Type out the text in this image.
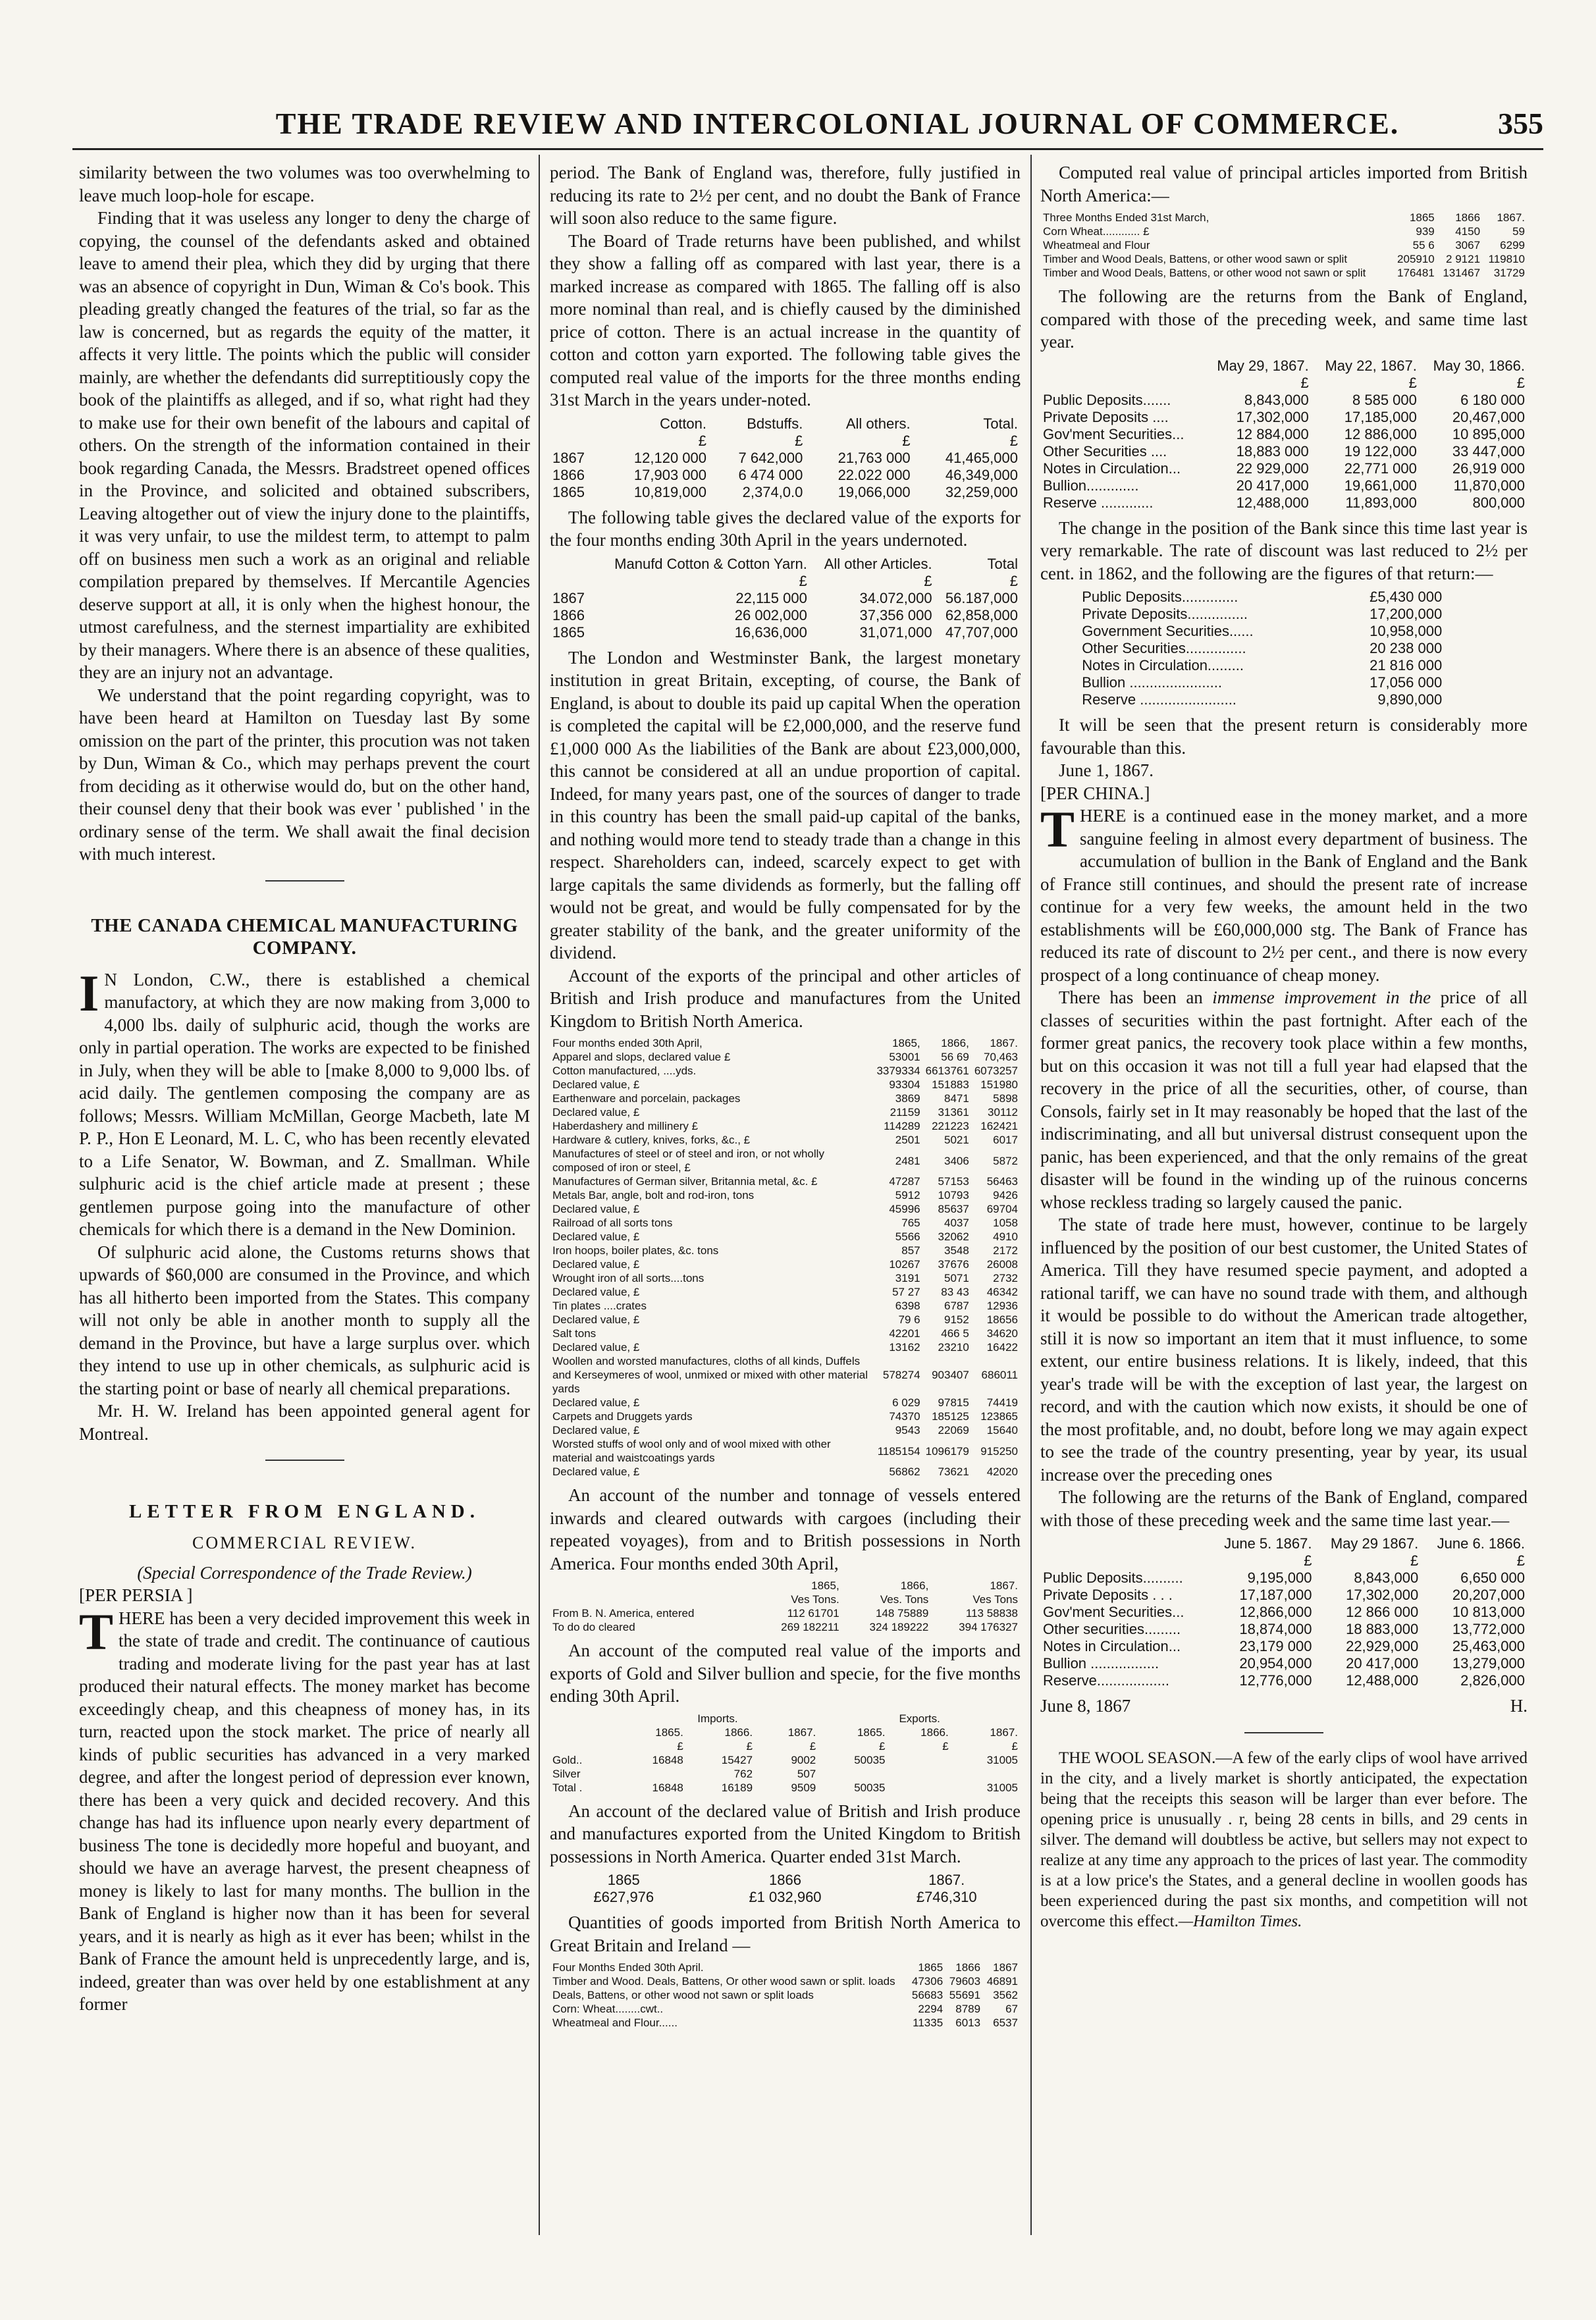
THE TRADE REVIEW AND INTERCOLONIAL JOURNAL OF COMMERCE.	355

similarity between the two volumes was too overwhelming to leave much loop-hole for escape.

Finding that it was useless any longer to deny the charge of copying, the counsel of the defendants asked and obtained leave to amend their plea, which they did by urging that there was an absence of copyright in Dun, Wiman & Co's book. This pleading greatly changed the features of the trial, so far as the law is concerned, but as regards the equity of the matter, it affects it very little. The points which the public will consider mainly, are whether the defendants did surreptitiously copy the book of the plaintiffs as alleged, and if so, what right had they to make use for their own benefit of the labours and capital of others. On the strength of the information contained in their book regarding Canada, the Messrs. Bradstreet opened offices in the Province, and solicited and obtained subscribers, Leaving altogether out of view the injury done to the plaintiffs, it was very unfair, to use the mildest term, to attempt to palm off on business men such a work as an original and reliable compilation prepared by themselves. If Mercantile Agencies deserve support at all, it is only when the highest honour, the utmost carefulness, and the sternest impartiality are exhibited by their managers. Where there is an absence of these qualities, they are an injury not an advantage.

We understand that the point regarding copyright, was to have been heard at Hamilton on Tuesday last By some omission on the part of the printer, this procution was not taken by Dun, Wiman & Co., which may perhaps prevent the court from deciding as it otherwise would do, but on the other hand, their counsel deny that their book was ever ' published ' in the ordinary sense of the term. We shall await the final decision with much interest.

THE CANADA CHEMICAL MANUFACTURING COMPANY.

I N London, C.W., there is established a chemical manufactory, at which they are now making from 3,000 to 4,000 lbs. daily of sulphuric acid, though the works are only in partial operation. The works are expected to be finished in July, when they will be able to [make 8,000 to 9,000 lbs. of acid daily. The gentlemen composing the company are as follows; Messrs. William McMillan, George Macbeth, late M P. P., Hon E Leonard, M. L. C, who has been recently elevated to a Life Senator, W. Bowman, and Z. Smallman. While sulphuric acid is the chief article made at present ; these gentlemen purpose going into the manufacture of other chemicals for which there is a demand in the New Dominion.

Of sulphuric acid alone, the Customs returns shows that upwards of $60,000 are consumed in the Province, and which has all hitherto been imported from the States. This company will not only be able in another month to supply all the demand in the Province, but have a large surplus over. which they intend to use up in other chemicals, as sulphuric acid is the starting point or base of nearly all chemical preparations.

Mr. H. W. Ireland has been appointed general agent for Montreal.

LETTER FROM ENGLAND.
COMMERCIAL REVIEW.

(Special Correspondence of the Trade Review.)

[PER PERSIA ]

THERE has been a very decided improvement this week in the state of trade and credit. The continuance of cautious trading and moderate living for the past year has at last produced their natural effects. The money market has become exceedingly cheap, and this cheapness of money has, in its turn, reacted upon the stock market. The price of nearly all kinds of public securities has advanced in a very marked degree, and after the longest period of depression ever known, there has been a very quick and decided recovery. And this change has had its influence upon nearly every department of business The tone is decidedly more hopeful and buoyant, and should we have an average harvest, the present cheapness of money is likely to last for many months. The bullion in the Bank of England is higher now than it has been for several years, and it is nearly as high as it ever has been; whilst in the Bank of France the amount held is unprecedently large, and is, indeed, greater than was over held by one establishment at any former

period. The Bank of England was, therefore, fully justified in reducing its rate to 2½ per cent, and no doubt the Bank of France will soon also reduce to the same figure.

The Board of Trade returns have been published, and whilst they show a falling off as compared with last year, there is a marked increase as compared with 1865. The falling off is also more nominal than real, and is chiefly caused by the diminished price of cotton. There is an actual increase in the quantity of cotton and cotton yarn exported. The following table gives the computed real value of the imports for the three months ending 31st March in the years under-noted.

	Cotton.	Bdstuffs.	All others.	Total.
	£	£	£	£
1867	12,120 000	7 642,000	21,763 000	41,465,000
1866	17,903 000	6 474 000	22.022 000	46,349,000
1865	10,819,000	2,374,0.0	19,066,000	32,259,000

The following table gives the declared value of the exports for the four months ending 30th April in the years undernoted.

	Manufd Cotton & Cotton Yarn.	All other Articles.	Total
	£	£	£
1867	22,115 000	34.072,000	56.187,000
1866	26 002,000	37,356 000	62,858,000
1865	16,636,000	31,071,000	47,707,000

The London and Westminster Bank, the largest monetary institution in great Britain, excepting, of course, the Bank of England, is about to double its paid up capital When the operation is completed the capital will be £2,000,000, and the reserve fund £1,000 000 As the liabilities of the Bank are about £23,000,000, this cannot be considered at all an undue proportion of capital. Indeed, for many years past, one of the sources of danger to trade in this country has been the small paid-up capital of the banks, and nothing would more tend to steady trade than a change in this respect. Shareholders can, indeed, scarcely expect to get with large capitals the same dividends as formerly, but the falling off would not be great, and would be fully compensated for by the greater stability of the bank, and the greater uniformity of the dividend.

Account of the exports of the principal and other articles of British and Irish produce and manufactures from the United Kingdom to British North America.

Four months ended 30th April,	1865,	1866,	1867.
Apparel and slops, declared value £	53001	56 69	70,463
Cotton manufactured, ....yds.	3379334	6613761	6073257
Declared value, £	93304	151883	151980
Earthenware and porcelain, packages	3869	8471	5898
Declared value, £	21159	31361	30112
Haberdashery and millinery £	114289	221223	162421
Hardware & cutlery, knives, forks, &c., £	2501	5021	6017
Manufactures of steel or of steel and iron, or not wholly composed of iron or steel, £	2481	3406	5872
Manufactures of German silver, Britannia metal, &c. £	47287	57153	56463
Metals Bar, angle, bolt and rod-iron, tons	5912	10793	9426
Declared value, £	45996	85637	69704
Railroad of all sorts tons	765	4037	1058
Declared value, £	5566	32062	4910
Iron hoops, boiler plates, &c. tons	857	3548	2172
Declared value, £	10267	37676	26008
Wrought iron of all sorts....tons	3191	5071	2732
Declared value, £	57 27	83 43	46342
Tin plates ....crates	6398	6787	12936
Declared value, £	79 6	9152	18656
Salt tons	42201	466 5	34620
Declared value, £	13162	23210	16422
Woollen and worsted manufactures, cloths of all kinds, Duffels and Kerseymeres of wool, unmixed or mixed with other material yards	578274	903407	686011
Declared value, £	6 029	97815	74419
Carpets and Druggets yards	74370	185125	123865
Declared value, £	9543	22069	15640
Worsted stuffs of wool only and of wool mixed with other material and waistcoatings yards	1185154	1096179	915250
Declared value, £	56862	73621	42020

An account of the number and tonnage of vessels entered inwards and cleared outwards with cargoes (including their repeated voyages), from and to British possessions in North America. Four months ended 30th April,

	1865,	1866,	1867.
	Ves Tons.	Ves. Tons	Ves Tons
From B. N. America, entered	112 61701	148 75889	113 58838
To do do cleared	269 182211	324 189222	394 176327

An account of the computed real value of the imports and exports of Gold and Silver bullion and specie, for the five months ending 30th April.

	Imports.			Exports.		
	1865.	1866.	1867.	1865.	1866.	1867.
	£	£	£	£	£	£
Gold..	16848	15427	9002	50035		31005
Silver		762	507			
Total .	16848	16189	9509	50035		31005

An account of the declared value of British and Irish produce and manufactures exported from the United Kingdom to British possessions in North America. Quarter ended 31st March.

1865	1866	1867.
£627,976	£1 032,960	£746,310

Quantities of goods imported from British North America to Great Britain and Ireland —

Four Months Ended 30th April.	1865	1866	1867
Timber and Wood. Deals, Battens, Or other wood sawn or split. loads	47306	79603	46891
Deals, Battens, or other wood not sawn or split loads	56683	55691	3562
Corn: Wheat........cwt..	2294	8789	67
Wheatmeal and Flour......	11335	6013	6537

Computed real value of principal articles imported from British North America:—

Three Months Ended 31st March,	1865	1866	1867.
Corn Wheat............ £	939	4150	59
Wheatmeal and Flour	55 6	3067	6299
Timber and Wood Deals, Battens, or other wood sawn or split	205910	2 9121	119810
Timber and Wood Deals, Battens, or other wood not sawn or split	176481	131467	31729

The following are the returns from the Bank of England, compared with those of the preceding week, and same time last year.

	May 29, 1867.	May 22, 1867.	May 30, 1866.
	£	£	£
Public Deposits.......	8,843,000	8 585 000	6 180 000
Private Deposits ....	17,302,000	17,185,000	20,467,000
Gov'ment Securities...	12 884,000	12 886,000	10 895,000
Other Securities ....	18,883 000	19 122,000	33 447,000
Notes in Circulation...	22 929,000	22,771 000	26,919 000
Bullion.............	20 417,000	19,661,000	11,870,000
Reserve .............	12,488,000	11,893,000	800,000

The change in the position of the Bank since this time last year is very remarkable. The rate of discount was last reduced to 2½ per cent. in 1862, and the following are the figures of that return:—

Public Deposits..............	£5,430 000
Private Deposits...............	17,200,000
Government Securities......	10,958,000
Other Securities...............	20 238 000
Notes in Circulation.........	21 816 000
Bullion .......................	17,056 000
Reserve ........................	9,890,000

It will be seen that the present return is considerably more favourable than this.

June 1, 1867.

[PER CHINA.]

THERE is a continued ease in the money market, and a more sanguine feeling in almost every department of business. The accumulation of bullion in the Bank of England and the Bank of France still continues, and should the present rate of increase continue for a very few weeks, the amount held in the two establishments will be £60,000,000 stg. The Bank of France has reduced its rate of discount to 2½ per cent., and there is now every prospect of a long continuance of cheap money.

There has been an immense improvement in the price of all classes of securities within the past fortnight. After each of the former great panics, the recovery took place within a few months, but on this occasion it was not till a full year had elapsed that the recovery in the price of all the securities, other, of course, than Consols, fairly set in It may reasonably be hoped that the last of the indiscriminating, and all but universal distrust consequent upon the panic, has been experienced, and that the only remains of the great disaster will be found in the winding up of the ruinous concerns whose reckless trading so largely caused the panic.

The state of trade here must, however, continue to be largely influenced by the position of our best customer, the United States of America. Till they have resumed specie payment, and adopted a rational tariff, we can have no sound trade with them, and although it would be possible to do without the American trade altogether, still it is now so important an item that it must influence, to some extent, our entire business relations. It is likely, indeed, that this year's trade will be with the exception of last year, the largest on record, and with the caution which now exists, it should be one of the most profitable, and, no doubt, before long we may again expect to see the trade of the country presenting, year by year, its usual increase over the preceding ones

The following are the returns of the Bank of England, compared with those of these preceding week and the same time last year.—

	June 5. 1867.	May 29 1867.	June 6. 1866.
	£	£	£
Public Deposits..........	9,195,000	8,843,000	6,650 000
Private Deposits . . .	17,187,000	17,302,000	20,207,000
Gov'ment Securities...	12,866,000	12 866 000	10 813,000
Other securities.........	18,874,000	18 883,000	13,772,000
Notes in Circulation...	23,179 000	22,929,000	25,463,000
Bullion .................	20,954,000	20 417,000	13,279,000
Reserve..................	12,776,000	12,488,000	2,826,000

June 8, 1867	H.

THE WOOL SEASON.—A few of the early clips of wool have arrived in the city, and a lively market is shortly anticipated, the expectation being that the receipts this season will be larger than ever before. The opening price is unusually . r, being 28 cents in bills, and 29 cents in silver. The demand will doubtless be active, but sellers may not expect to realize at any time any approach to the prices of last year. The commodity is at a low price's the States, and a general decline in woollen goods has been experienced during the past six months, and competition will not overcome this effect.—Hamilton Times.
